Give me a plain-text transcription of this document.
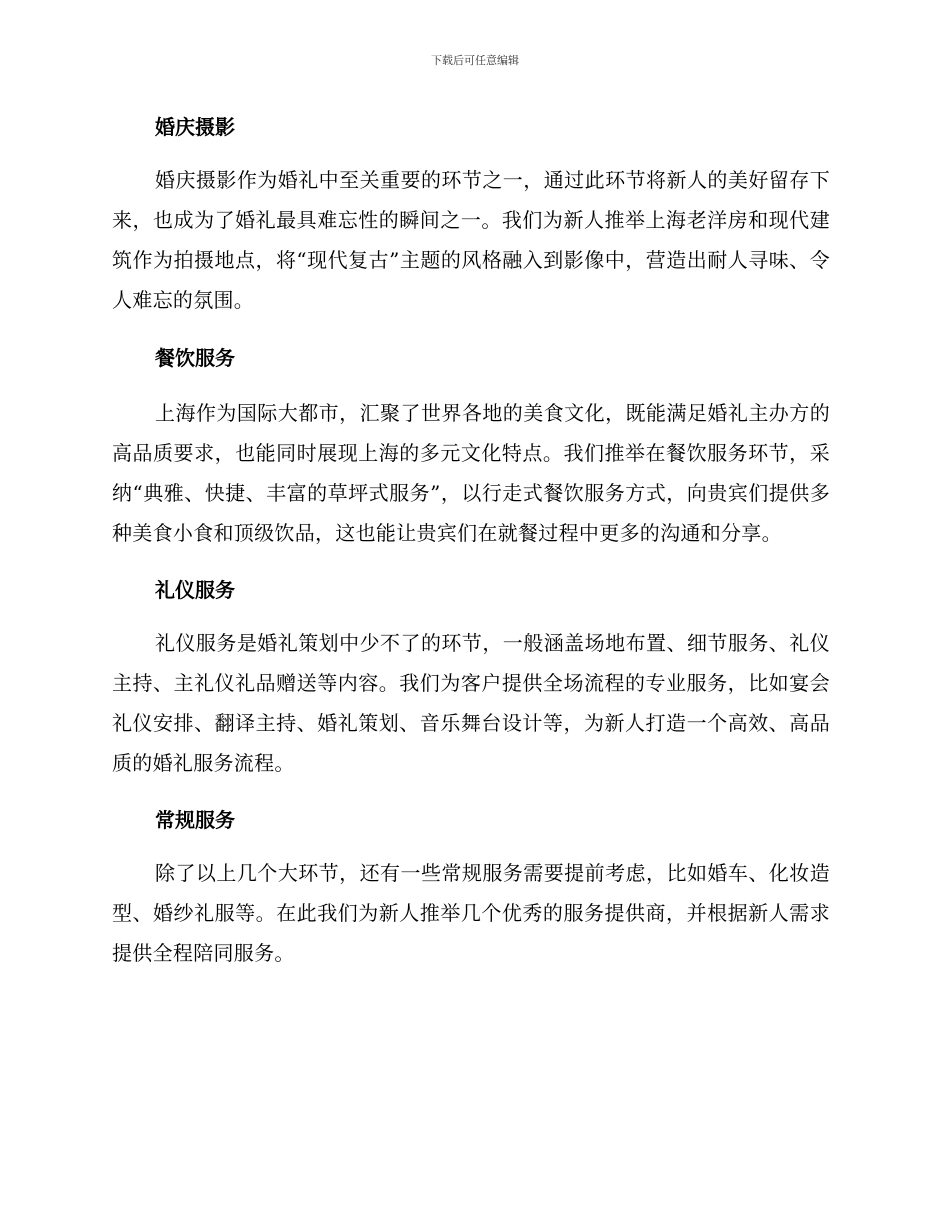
下载后可任意编辑
婚庆摄影

婚庆摄影作为婚礼中至关重要的环节之一，通过此环节将新人的美好留存下来，也成为了婚礼最具难忘性的瞬间之一。我们为新人推举上海老洋房和现代建筑作为拍摄地点，将“现代复古”主题的风格融入到影像中，营造出耐人寻味、令人难忘的氛围。

餐饮服务

上海作为国际大都市，汇聚了世界各地的美食文化，既能满足婚礼主办方的高品质要求，也能同时展现上海的多元文化特点。我们推举在餐饮服务环节，采纳“典雅、快捷、丰富的草坪式服务”，以行走式餐饮服务方式，向贵宾们提供多种美食小食和顶级饮品，这也能让贵宾们在就餐过程中更多的沟通和分享。

礼仪服务

礼仪服务是婚礼策划中少不了的环节，一般涵盖场地布置、细节服务、礼仪主持、主礼仪礼品赠送等内容。我们为客户提供全场流程的专业服务，比如宴会礼仪安排、翻译主持、婚礼策划、音乐舞台设计等，为新人打造一个高效、高品质的婚礼服务流程。

常规服务

除了以上几个大环节，还有一些常规服务需要提前考虑，比如婚车、化妆造型、婚纱礼服等。在此我们为新人推举几个优秀的服务提供商，并根据新人需求提供全程陪同服务。
